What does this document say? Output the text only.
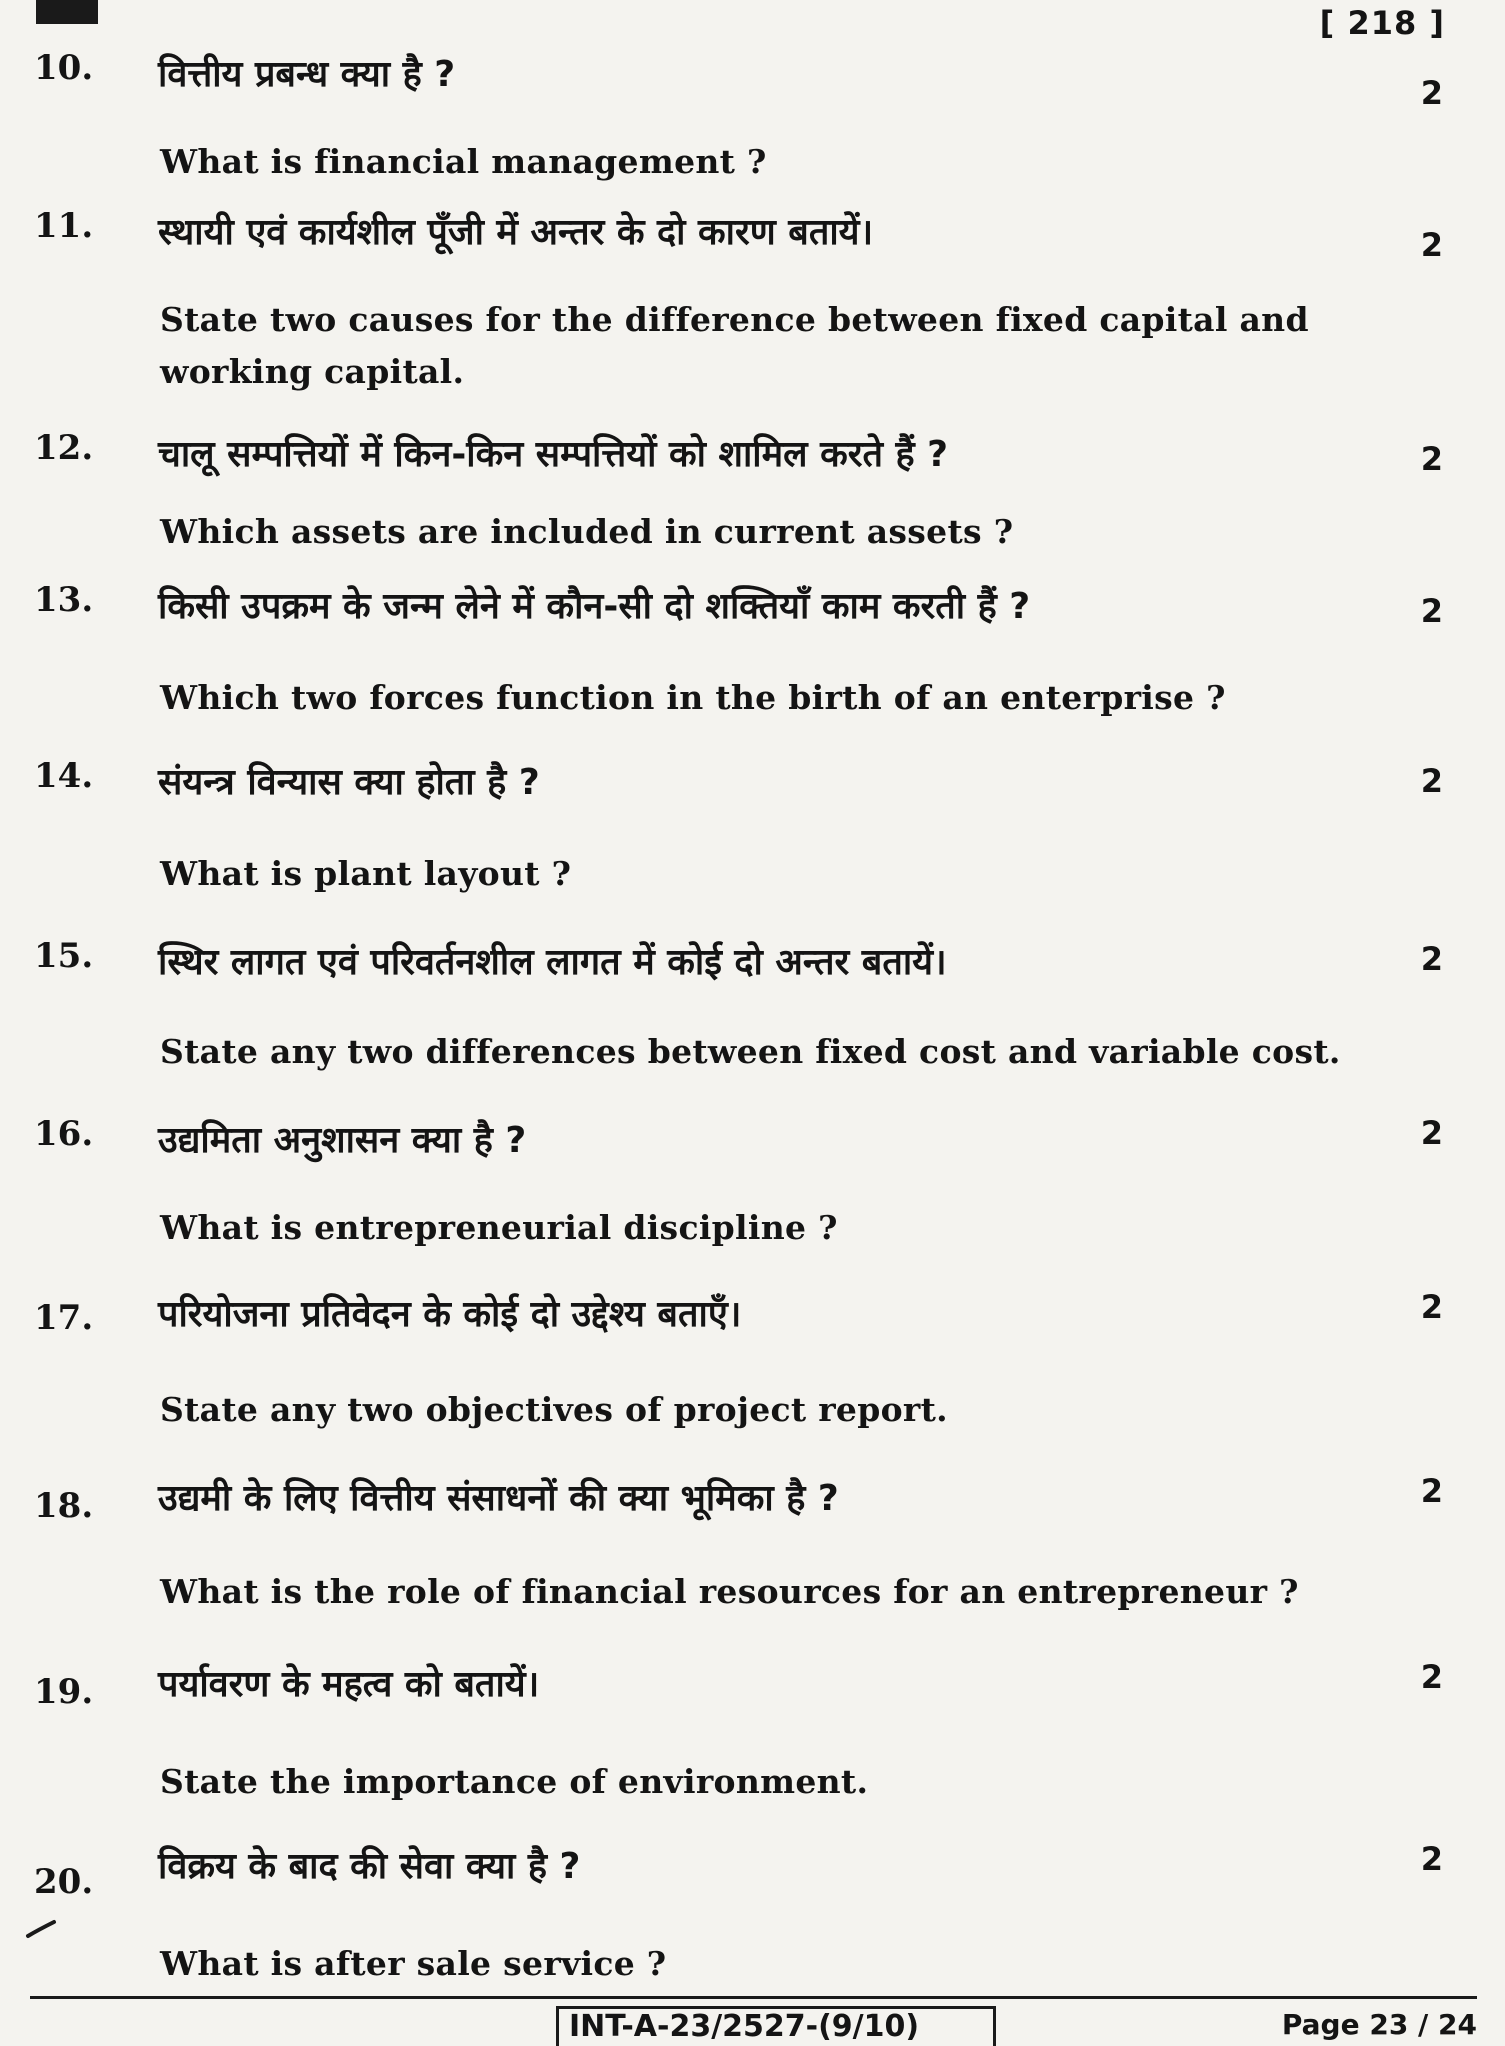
[ 218 ]
10. वित्तीय प्रबन्ध क्या है ?	2
What is financial management ?
11. स्थायी एवं कार्यशील पूँजी में अन्तर के दो कारण बतायें।	2
State two causes for the difference between fixed capital and working capital.
12. चालू सम्पत्तियों में किन-किन सम्पत्तियों को शामिल करते हैं ?	2
Which assets are included in current assets ?
13. किसी उपक्रम के जन्म लेने में कौन-सी दो शक्तियाँ काम करती हैं ?	2
Which two forces function in the birth of an enterprise ?
14. संयन्त्र विन्यास क्या होता है ?	2
What is plant layout ?
15. स्थिर लागत एवं परिवर्तनशील लागत में कोई दो अन्तर बतायें।	2
State any two differences between fixed cost and variable cost.
16. उद्यमिता अनुशासन क्या है ?	2
What is entrepreneurial discipline ?
17. परियोजना प्रतिवेदन के कोई दो उद्देश्य बताएँ।	2
State any two objectives of project report.
18. उद्यमी के लिए वित्तीय संसाधनों की क्या भूमिका है ?	2
What is the role of financial resources for an entrepreneur ?
19. पर्यावरण के महत्व को बतायें।	2
State the importance of environment.
20. विक्रय के बाद की सेवा क्या है ?	2
What is after sale service ?
INT-A-23/2527-(9/10)	Page 23 / 24
